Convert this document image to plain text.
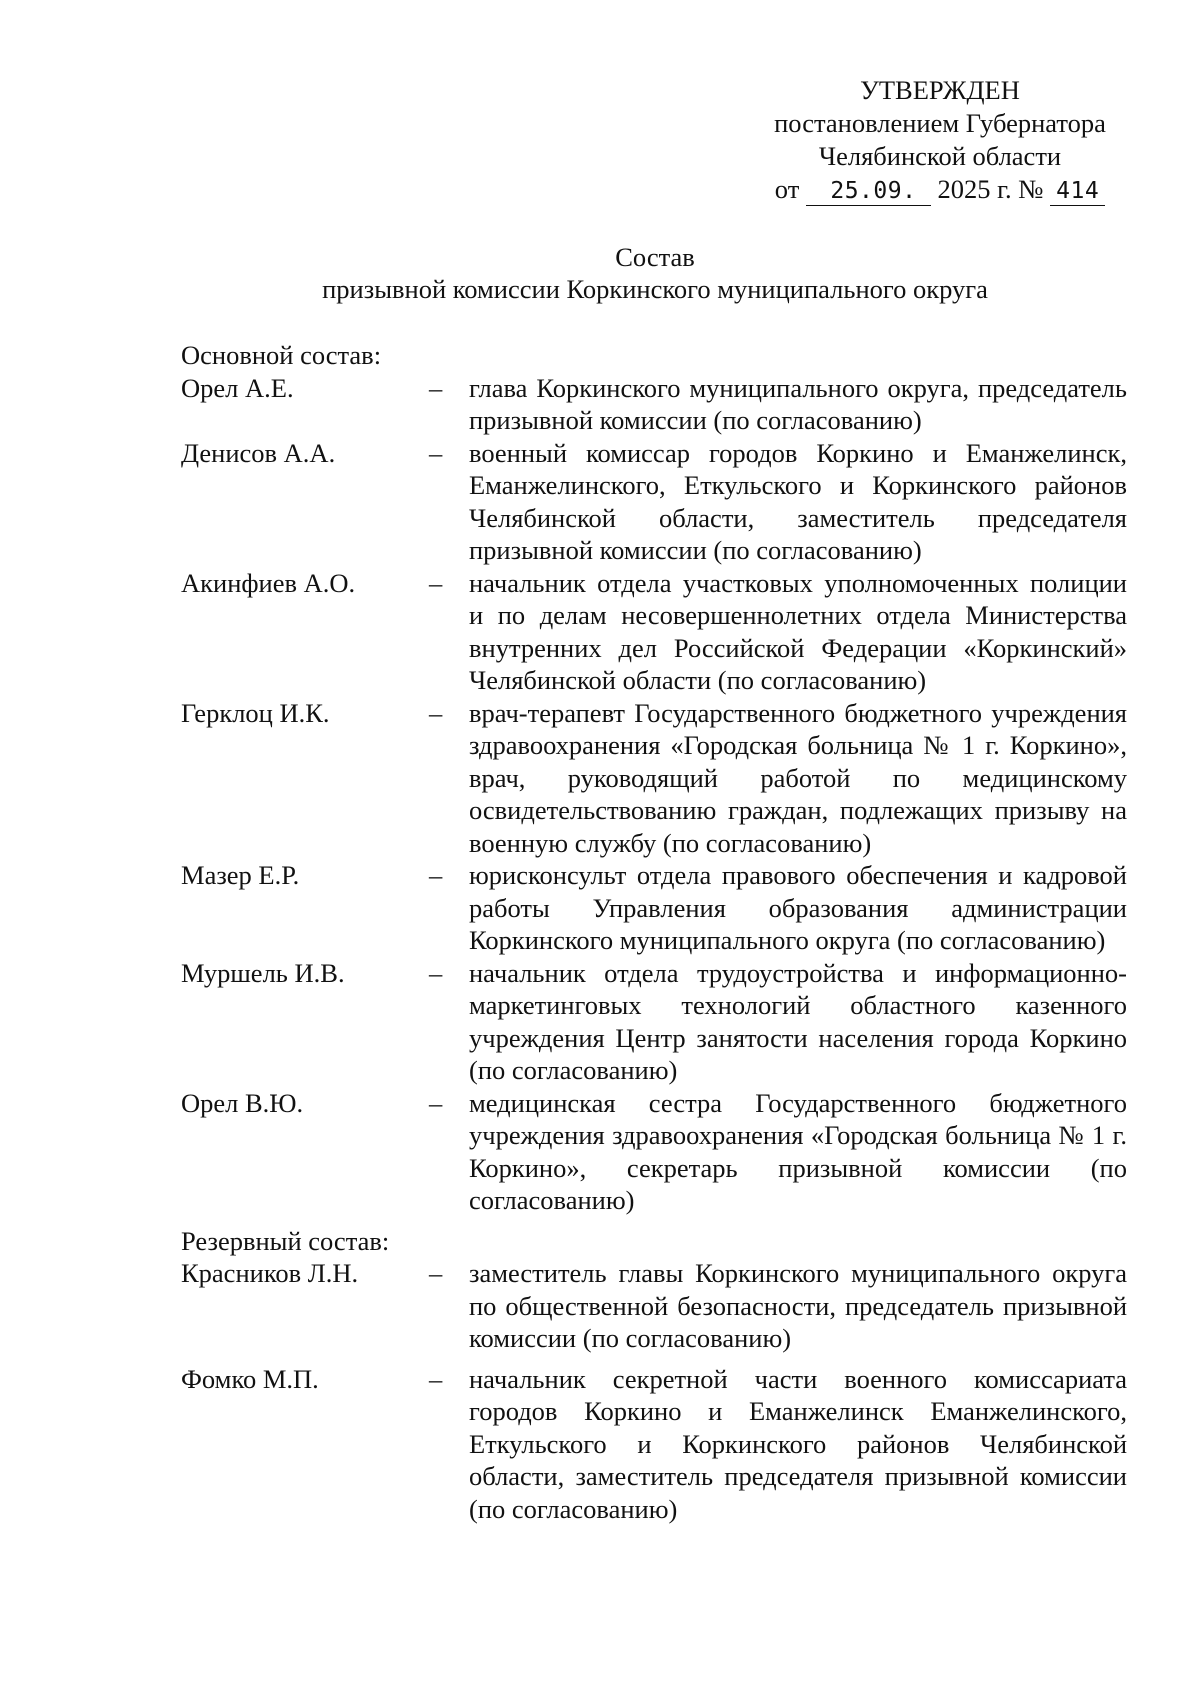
УТВЕРЖДЕН
постановлением Губернатора
Челябинской области
от 25.09. 2025 г. № 414
Состав
призывной комиссии Коркинского муниципального округа
Основной состав:
Орел А.Е.	–	глава Коркинского муниципального округа, председатель призывной комиссии (по согласованию)
Денисов А.А.	–	военный комиссар городов Коркино и Еманжелинск, Еманжелинского, Еткульского и Коркинского районов Челябинской области, заместитель председателя призывной комиссии (по согласованию)
Акинфиев А.О.	–	начальник отдела участковых уполномоченных полиции и по делам несовершеннолетних отдела Министерства внутренних дел Российской Федерации «Коркинский» Челябинской области (по согласованию)
Герклоц И.К.	–	врач-терапевт Государственного бюджетного учреждения здравоохранения «Городская больница № 1 г. Коркино», врач, руководящий работой по медицинскому освидетельствованию граждан, подлежащих призыву на военную службу (по согласованию)
Мазер Е.Р.	–	юрисконсульт отдела правового обеспечения и кадровой работы Управления образования администрации Коркинского муниципального округа (по согласованию)
Муршель И.В.	–	начальник отдела трудоустройства и информационно-маркетинговых технологий областного казенного учреждения Центр занятости населения города Коркино (по согласованию)
Орел В.Ю.	–	медицинская сестра Государственного бюджетного учреждения здравоохранения «Городская больница № 1 г. Коркино», секретарь призывной комиссии (по согласованию)
Резервный состав:
Красников Л.Н.	–	заместитель главы Коркинского муниципального округа по общественной безопасности, председатель призывной комиссии (по согласованию)
Фомко М.П.	–	начальник секретной части военного комиссариата городов Коркино и Еманжелинск Еманжелинского, Еткульского и Коркинского районов Челябинской области, заместитель председателя призывной комиссии (по согласованию)
